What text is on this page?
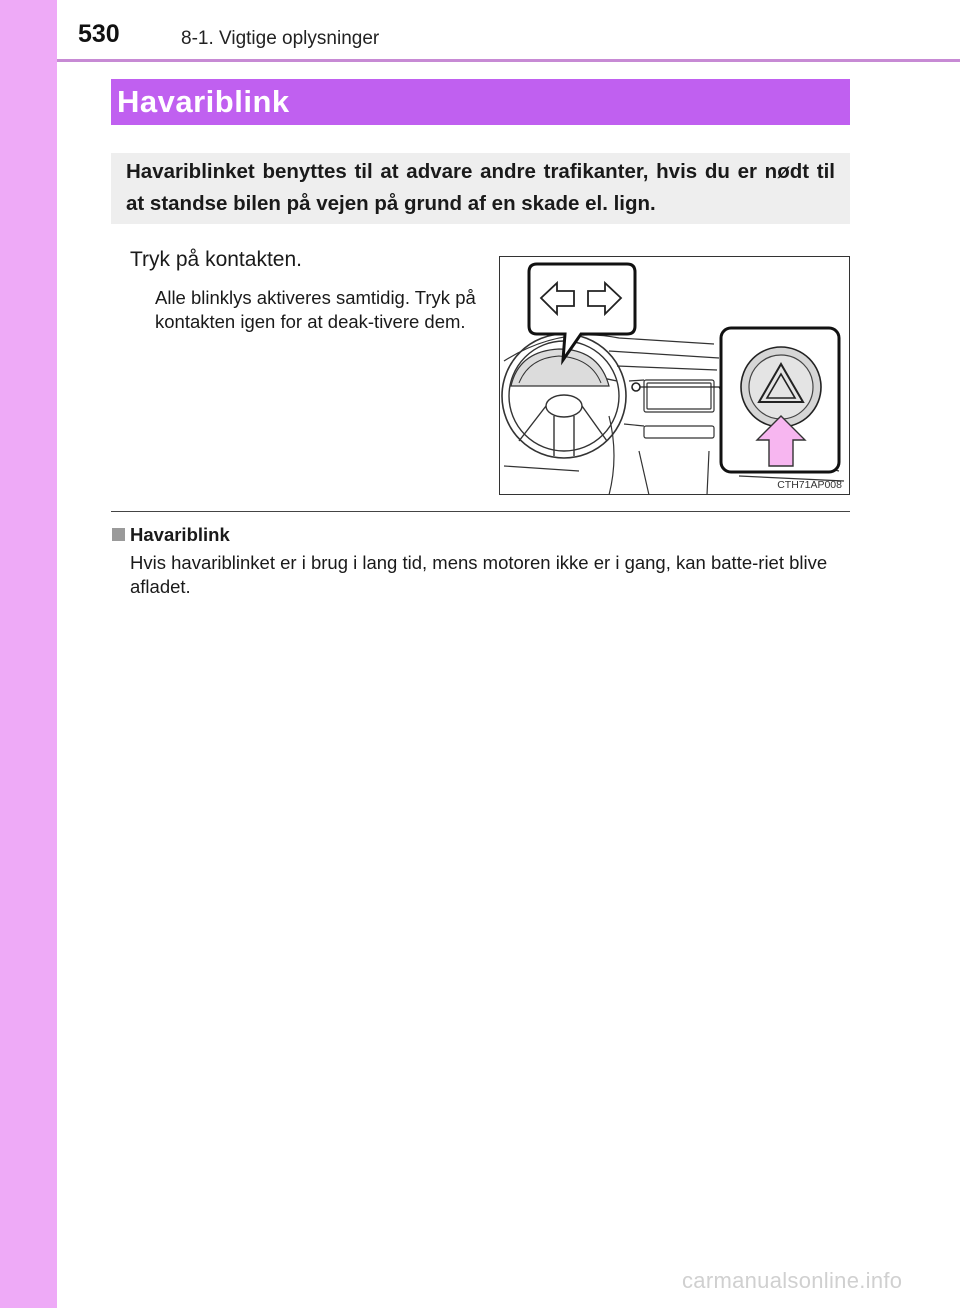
530	8-1. Vigtige oplysninger
Havariblink
Havariblinket benyttes til at advare andre trafikanter, hvis du er nødt til at standse bilen på vejen på grund af en skade el. lign.
Tryk på kontakten.
Alle blinklys aktiveres samtidig. Tryk på kontakten igen for at deak-tivere dem.
CTH71AP008
Havariblink
Hvis havariblinket er i brug i lang tid, mens motoren ikke er i gang, kan batte-riet blive afladet.
carmanualsonline.info
